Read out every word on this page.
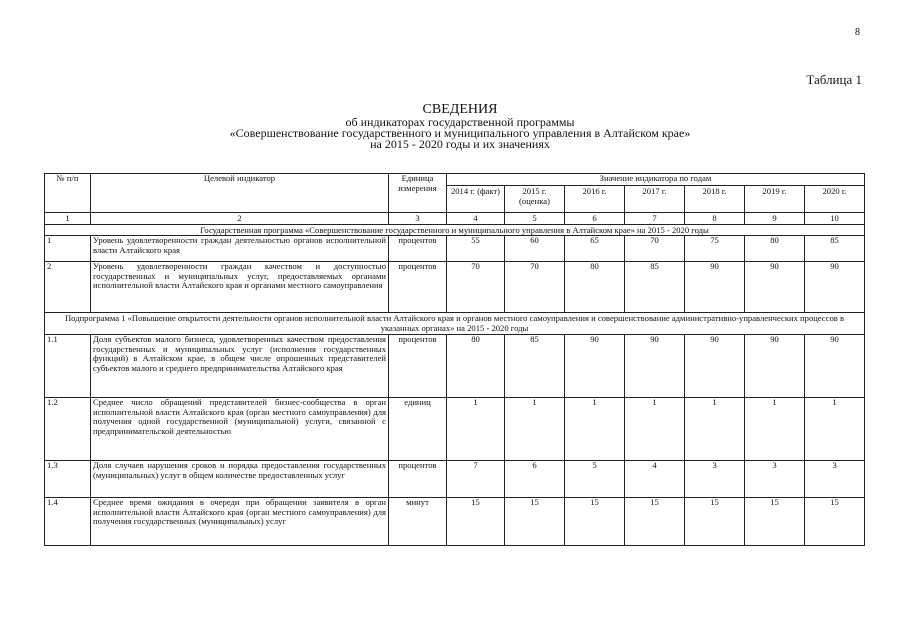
8
Таблица 1
СВЕДЕНИЯ
об индикаторах государственной программы
«Совершенствование государственного и муниципального управления в Алтайском крае»
на 2015 - 2020 годы и их значениях
№ п/п	Целевой индикатор	Единица измерения	Значение индикатора по годам						
			2014 г. (факт)	2015 г. (оценка)	2016 г.	2017 г.	2018 г.	2019 г.	2020 г.
1	2	3	4	5	6	7	8	9	10
Государственная программа «Совершенствование государственного и муниципального управления в Алтайском крае» на 2015 - 2020 годы									
1	Уровень удовлетворенности граждан деятельностью органов исполнительной власти Алтайского края	процентов	55	60	65	70	75	80	85
2	Уровень удовлетворенности граждан качеством и доступностью государственных и муниципальных услуг, предоставляемых органами исполнительной власти Алтайского края и органами местного самоуправления	процентов	70	70	80	85	90	90	90
Подпрограмма 1 «Повышение открытости деятельности органов исполнительной власти Алтайского края и органов местного самоуправления и совершенствование административно-управленческих процессов в указанных органах» на 2015 - 2020 годы									
1.1	Доля субъектов малого бизнеса, удовлетворенных качеством предоставления государственных и муниципальных услуг (исполнения государственных функций) в Алтайском крае, в общем числе опрошенных представителей субъектов малого и среднего предпринимательства Алтайского края	процентов	80	85	90	90	90	90	90
1.2	Среднее число обращений представителей бизнес-сообщества в орган исполнительной власти Алтайского края (орган местного самоуправления) для получения одной государственной (муниципальной) услуги, связанной с предпринимательской деятельностью	единиц	1	1	1	1	1	1	1
1.3	Доля случаев нарушения сроков и порядка предоставления государственных (муниципальных) услуг в общем количестве предоставленных услуг	процентов	7	6	5	4	3	3	3
1.4	Среднее время ожидания в очереди при обращении заявителя в орган исполнительной власти Алтайского края (орган местного самоуправления) для получения государственных (муниципальных) услуг	минут	15	15	15	15	15	15	15
